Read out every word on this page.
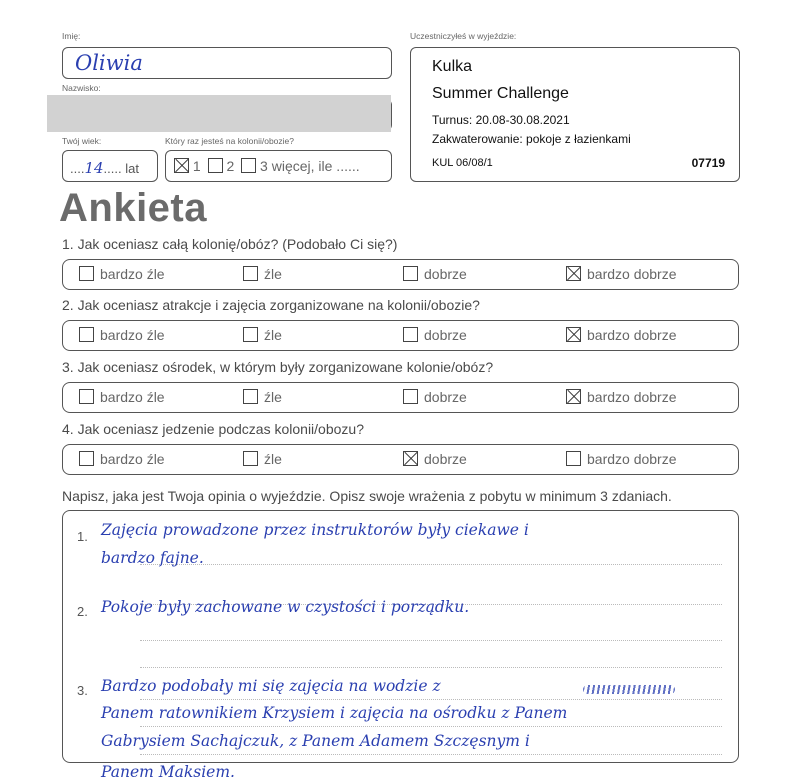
Imię:
Oliwia
Nazwisko:
Twój wiek:
....14..... lat
Który raz jesteś na kolonii/obozie?
1 2 3 więcej, ile ......
Uczestniczyłeś w wyjeździe:
Kulka
Summer Challenge
Turnus: 20.08-30.08.2021
Zakwaterowanie: pokoje z łazienkami
KUL 06/08/1	07719
Ankieta
1. Jak oceniasz całą kolonię/obóz? (Podobało Ci się?)
bardzo źle	źle	dobrze	bardzo dobrze
2. Jak oceniasz atrakcje i zajęcia zorganizowane na kolonii/obozie?
bardzo źle	źle	dobrze	bardzo dobrze
3. Jak oceniasz ośrodek, w którym były zorganizowane kolonie/obóz?
bardzo źle	źle	dobrze	bardzo dobrze
4. Jak oceniasz jedzenie podczas kolonii/obozu?
bardzo źle	źle	dobrze	bardzo dobrze
Napisz, jaka jest Twoja opinia o wyjeździe. Opisz swoje wrażenia z pobytu w minimum 3 zdaniach.
1. Zajęcia prowadzone przez instruktorów były ciekawe i
bardzo fajne.
2. Pokoje były zachowane w czystości i porządku.
3. Bardzo podobały mi się zajęcia na wodzie z
Panem ratownikiem Krzysiem i zajęcia na ośrodku z Panem
Gabrysiem Sachajczuk, z Panem Adamem Szczęsnym i
Panem Maksiem.
